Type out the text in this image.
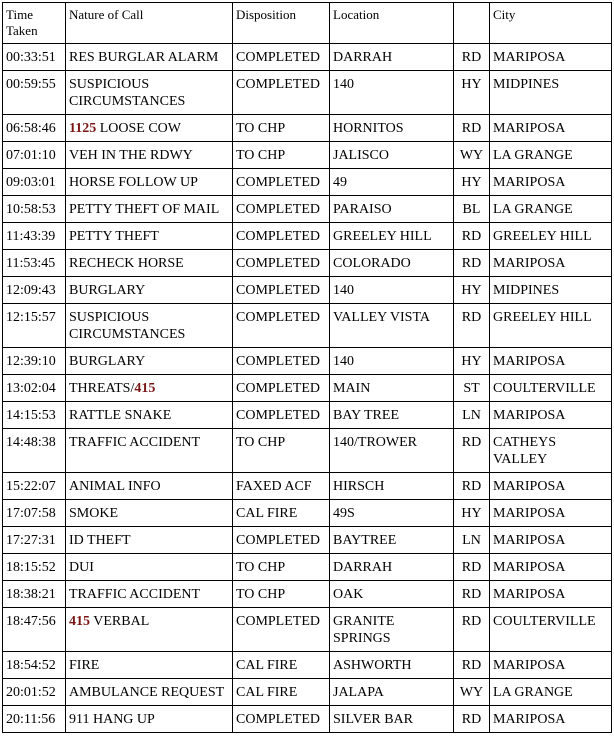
Time Taken	Nature of Call	Disposition	Location		City
00:33:51	RES BURGLAR ALARM	COMPLETED	DARRAH	RD	MARIPOSA
00:59:55	SUSPICIOUS CIRCUMSTANCES	COMPLETED	140	HY	MIDPINES
06:58:46	1125 LOOSE COW	TO CHP	HORNITOS	RD	MARIPOSA
07:01:10	VEH IN THE RDWY	TO CHP	JALISCO	WY	LA GRANGE
09:03:01	HORSE FOLLOW UP	COMPLETED	49	HY	MARIPOSA
10:58:53	PETTY THEFT OF MAIL	COMPLETED	PARAISO	BL	LA GRANGE
11:43:39	PETTY THEFT	COMPLETED	GREELEY HILL	RD	GREELEY HILL
11:53:45	RECHECK HORSE	COMPLETED	COLORADO	RD	MARIPOSA
12:09:43	BURGLARY	COMPLETED	140	HY	MIDPINES
12:15:57	SUSPICIOUS CIRCUMSTANCES	COMPLETED	VALLEY VISTA	RD	GREELEY HILL
12:39:10	BURGLARY	COMPLETED	140	HY	MARIPOSA
13:02:04	THREATS/415	COMPLETED	MAIN	ST	COULTERVILLE
14:15:53	RATTLE SNAKE	COMPLETED	BAY TREE	LN	MARIPOSA
14:48:38	TRAFFIC ACCIDENT	TO CHP	140/TROWER	RD	CATHEYS VALLEY
15:22:07	ANIMAL INFO	FAXED ACF	HIRSCH	RD	MARIPOSA
17:07:58	SMOKE	CAL FIRE	49S	HY	MARIPOSA
17:27:31	ID THEFT	COMPLETED	BAYTREE	LN	MARIPOSA
18:15:52	DUI	TO CHP	DARRAH	RD	MARIPOSA
18:38:21	TRAFFIC ACCIDENT	TO CHP	OAK	RD	MARIPOSA
18:47:56	415 VERBAL	COMPLETED	GRANITE SPRINGS	RD	COULTERVILLE
18:54:52	FIRE	CAL FIRE	ASHWORTH	RD	MARIPOSA
20:01:52	AMBULANCE REQUEST	CAL FIRE	JALAPA	WY	LA GRANGE
20:11:56	911 HANG UP	COMPLETED	SILVER BAR	RD	MARIPOSA
